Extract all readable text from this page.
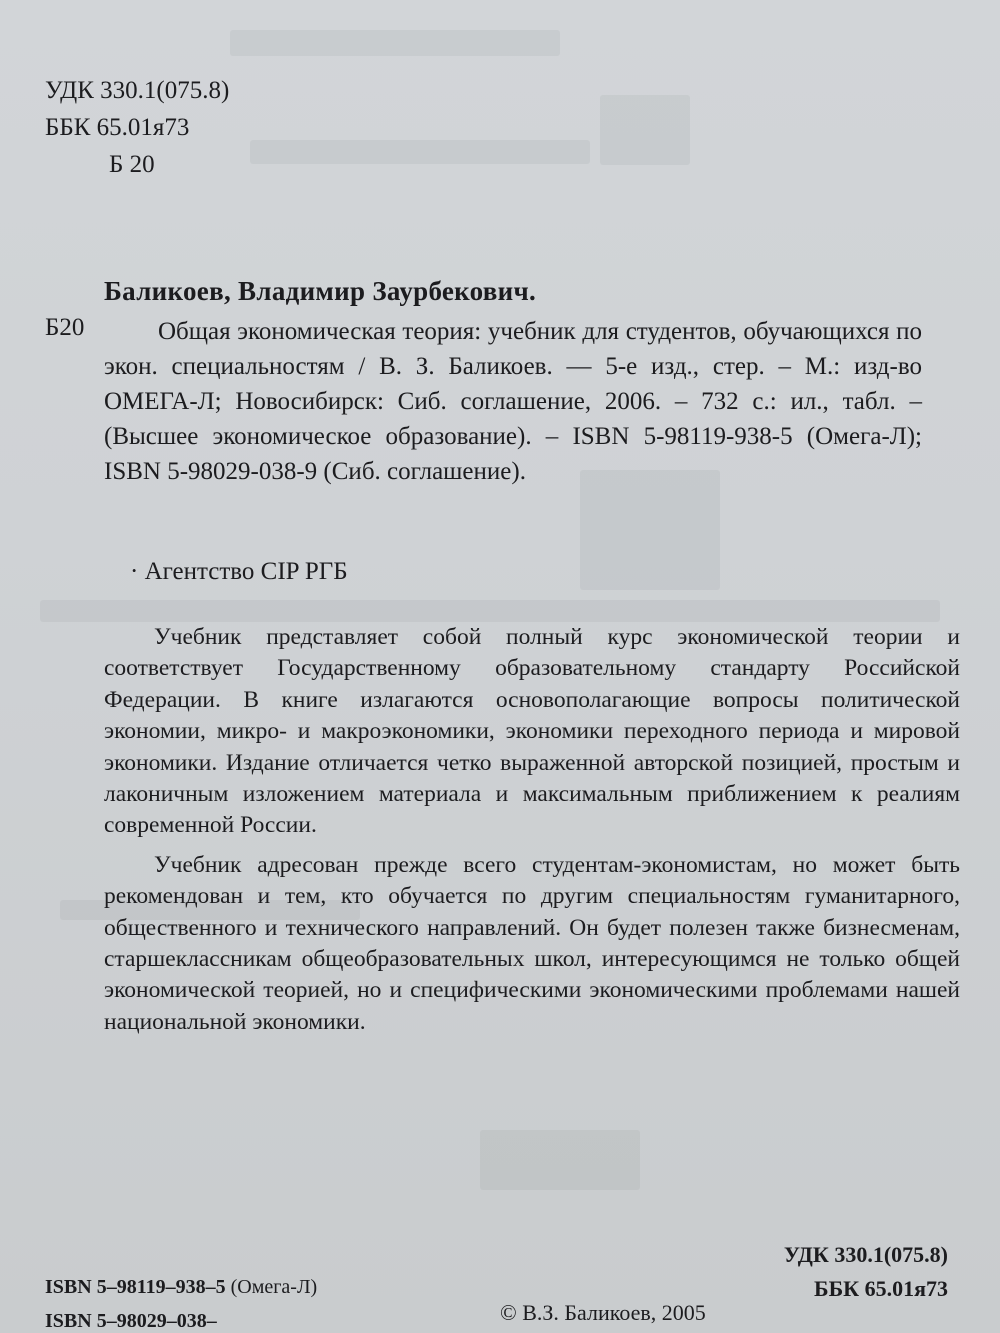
УДК 330.1(075.8)
ББК 65.01я73

Б 20
Баликоев, Владимир Заурбекович.
Б20	Общая экономическая теория: учебник для студентов, обучающихся по экон. специальностям / В. З. Баликоев. — 5-е изд., стер. – М.: изд-во ОМЕГА-Л; Новосибирск: Сиб. соглашение, 2006. – 732 с.: ил., табл. – (Высшее экономическое образование). – ISBN 5-98119-938-5 (Омега-Л); ISBN 5-98029-038-9 (Сиб. соглашение).
· Агентство CIP РГБ

Учебник представляет собой полный курс экономической теории и соответствует Государственному образовательному стандарту Российской Федерации. В книге излагаются основополагающие вопросы политической экономии, микро- и макроэкономики, экономики переходного периода и мировой экономики. Издание отличается четко выраженной авторской позицией, простым и лаконичным изложением материала и максимальным приближением к реалиям современной России.

Учебник адресован прежде всего студентам-экономистам, но может быть рекомендован и тем, кто обучается по другим специальностям гуманитарного, общественного и технического направлений. Он будет полезен также бизнесменам, старшеклассникам общеобразовательных школ, интересующимся не только общей экономической теорией, но и специфическими экономическими проблемами нашей национальной экономики.

УДК 330.1(075.8)
ББК 65.01я73
ISBN 5–98119–938–5 (Омега-Л)
ISBN 5–98029–038–	© В.З. Баликоев, 2005
